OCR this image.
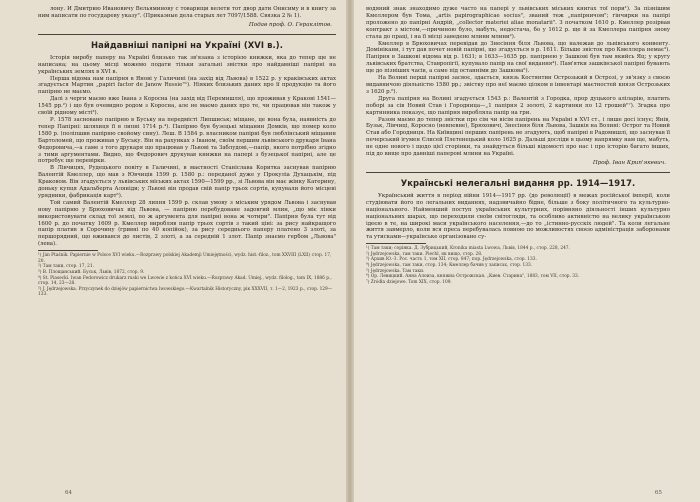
лону. И Дмитрию Ивановичу Вельяминову с товарищи велети тот двор дати Онисиму и в книгу за ним написати по государеву указу". (Прикаэные дела старых лет 7097/1588. Связка 2 № 1).

Подав проф. О. Гераклітов.

Найдавніші папірні на Україні (XVI в.).

Історія виробу паперу на Україні близько так зв'язана з історією книжки, яка до тепер ще не написана; на цьому місці можемо подати тільки загальні звістки про найдавніші папірні на українських землях в XVI в.

Перша відома нам папірня в Янові у Галичині (на захід від Львова) в 1522 р. у краківських актах згадується Мартин „papirі factor de Janow Russie"¹). Ніяких близьких даних про її продукцію та його папірню не маємо.

Далі з черги маємо вже Івана з Коросна (на захід від Перемишля), що проживав у Кракові 1541—1545 рр.²) і що був очевидно родом з Коросна, але не маємо даних про те, чи працював він також у своїй рідному місті³).

Р. 1578 засновано папірню в Буську на передмісті Липшиськ; міщане, це вона була, наявність до тепер Папірні: шляхиця її в липні 1714 р.⁴). Папірню був бузецькі міщанин Домків, що помер коло 1580 р. (поліпшив папірню свойому сину). Леш. В 1584 р. власником папірні був люблінський міщанин Бартоломей, що проживав у Буську. Він на рахунках з Іваном, своїм першим львівського друкаря Івана Федоровича,—а саме з того друкаря що працював у Львові та Заблудові,—папір, якого потрібно згідно з тими аргументами. Видно, що Федорович друкував книжки на папері з бузецької папірні, але це потребує ще перевірки.

В Лівчицях, Рудецького повіту в Галичині, в маєтності Станіслава Коритка заснував папірню Валентій Кмеллер, що мав з Ювчиців 1599 р. 1580 р.: переданої дуже у Прокуліа Духацькім, під Краковом. Він згадується у львівських міських актах 1590—1599 рр., зі Львова він має жінку Катерину, доньку купця Адальберта Аляніди; у Львові він продав свій папір трьох сортів, купували його місцеві урядники, фабрикація карт⁵).

Той самий Валентій Кмеллер 28 липня 1599 р. склав умову з міським урядом Львова і заснував нову папірню у Брюховичах від Львова, — папірню перебудоване задовгий млин, „що міє лінки використовувати склад тої землі, по ж аргумента для папірні вона ж чотири". Папірня була тут від 1600 р. до початку 1609 р. Кмеллер виробляв папір трьох сортів з такий ціні: за рису найкращого папір платив в Сорочину (гривні по 40 копійок), за рису середнього паперу платено 3 злоті, за першорядний, що вживався до листів, 2 злоті, а за середній 1 злот. Папір знаємо гербом „Львова" (лева).

¹) Ján Ptaśnik. Papiernie w Polsce XVI wieku.—Rozprawy polskiej Akademji Umiejętności, wydz. hist.-filoz., tom XXVIII (LXII) стор. 17, 20.

²) Там таки, стор. 17, 21.

³) В. Площанський. Буськ, Львів, 1872, стор. 9.

⁴) St. Piasecki. Iwan Fedorowicz drukarz ruski we Lwowie z końca XVI wieku.—Rozprawy Akad. Umiej., wydz. filolog., tom IX, 1886 р., стор. 14, 23—28.

⁵) J. Jędrzejowska. Przyczynek do dziejów papiernictwa lwowskiego.—Kwartalnik Historyczny, рік XXXVII, т. 1—2, 1923 р., стор. 129—133.

64

водяний знак знаходимо дуже часто на папері у львівських міських книгах тої пори¹). За пізнішим Кмеллером був Тома, „artis papirographicae socius", званий теж „папірничом"; гінчирки на папірі проложено до папірні Андрій, „collector materiei aliae monatarii". З початком 1610 р. Кмеллер розірвав контракт з містом,—причиною було, мабуть, недостача, бо у 1612 р. ще й за Кмеллера папірня знову стала до праці, і на її місці заведено млини млини²).

Кмеллер в Брюховичах перевідав до Знесіння біля Львова, що належав до львівського конвенту. Домінікани, і тут дав почет новій папірні, що згадується в р. 1611. Більше звісток про Кмеллера немає³). Папірня в Зашкові відома від р. 1631; в 1633—1635 рр. папірнею у Зашкові був там якийсь Яц; у кругу львівських братства, Ставропігії, купувало папір на свої видання⁴). Пам'ятки зашківської папірні бувають ще до пізніших часів, а саме під останніми до Зашкова⁵).

На Волині перші папірні засвоє, здається, князь Костянтин Острозький в Острозі, у зв'язку з своєю видавничою діяльністю 1580 рр.; звістку про неї маємо цілком в інвентарі маєтностей князя Острозьких з 1620 р.⁶).

Друга папірня на Волині згадується 1543 р.: Валентій з Городка, прор дуцького аліларію, платить поборі за сів Новий Став і Городница—„1 папірня 2 золоті, 2 картинки по 12 грошей"⁷). Згадка про картинника показує, що папірня виробляла папір на гри.

Разом маємо до тепер звістки про сім чи вісім папірень на Україні в XVI ст., і лише досі існує; Янів, Бузьк, Лівчиці, Коросно (невпевне), Брюховичі, Знесіння біля Львова, Зашків на Волині: Острог та Новий Став або Городниця. На Київщині перших папірень не згадують, щоб папірні в Радомишлі, що заснував її печерський ігумен Єлисей Плетенецький коло 1625 р. Дальші досліди в цьому напрямку нам ще, мабуть, не одне нового і щодо цієї сторінки, та знайдуться більші відомості про нас і про історію багато інших, під до вище про давніші паперові млини на Україні.

Проф. Іван Крип'якевич.

Українські нелегальні видання рр. 1914—1917.

Український життя в період війни 1914—1917 рр. (до революції) в межах російської імперії, коли студіювати його по легальних виданнях, надзвичайно бідне, більше з боку політичного та культурно-національного. Найменший поступ українських культурних, порівняно діяльності інших культурно національних шарах, що переходили своїм світогляди, та особливо активністю на велику українською ідеєю в те, на широкі маси українського населення,—до то „істинно-русскіх людей". Та коли легальне життя завмерло, коли вся преса перебувалась повною по можливостях своєю адміністрація заборонами та утисками—українське організоване су-

¹) Там таки; сорінка. Д. Зубрицький, Kronika miasta Lwowa, Львів, 1844 р., стор. 228, 247.

²) Jędrzejowska, там таки. Piechl, як вищо, стор. 28.

³) Архив Ю.-З. Рос. часть 1, том XII, стор. 847; пор. Jędrzejowska, стор. 133.

⁴) Jędrzejowska, там таки, стор. 134; Кмеллер бачив у записах, стор. 133.

⁵) Jędrzejowska. Там таки.

⁶) Ор. Левицкий. Анна Алоиза, княжна Острожская. „Киев. Старина", 1883, том VII, стор. 33.

⁷) Źródła dziejowe. Tom XIX, стор. 109.

65
